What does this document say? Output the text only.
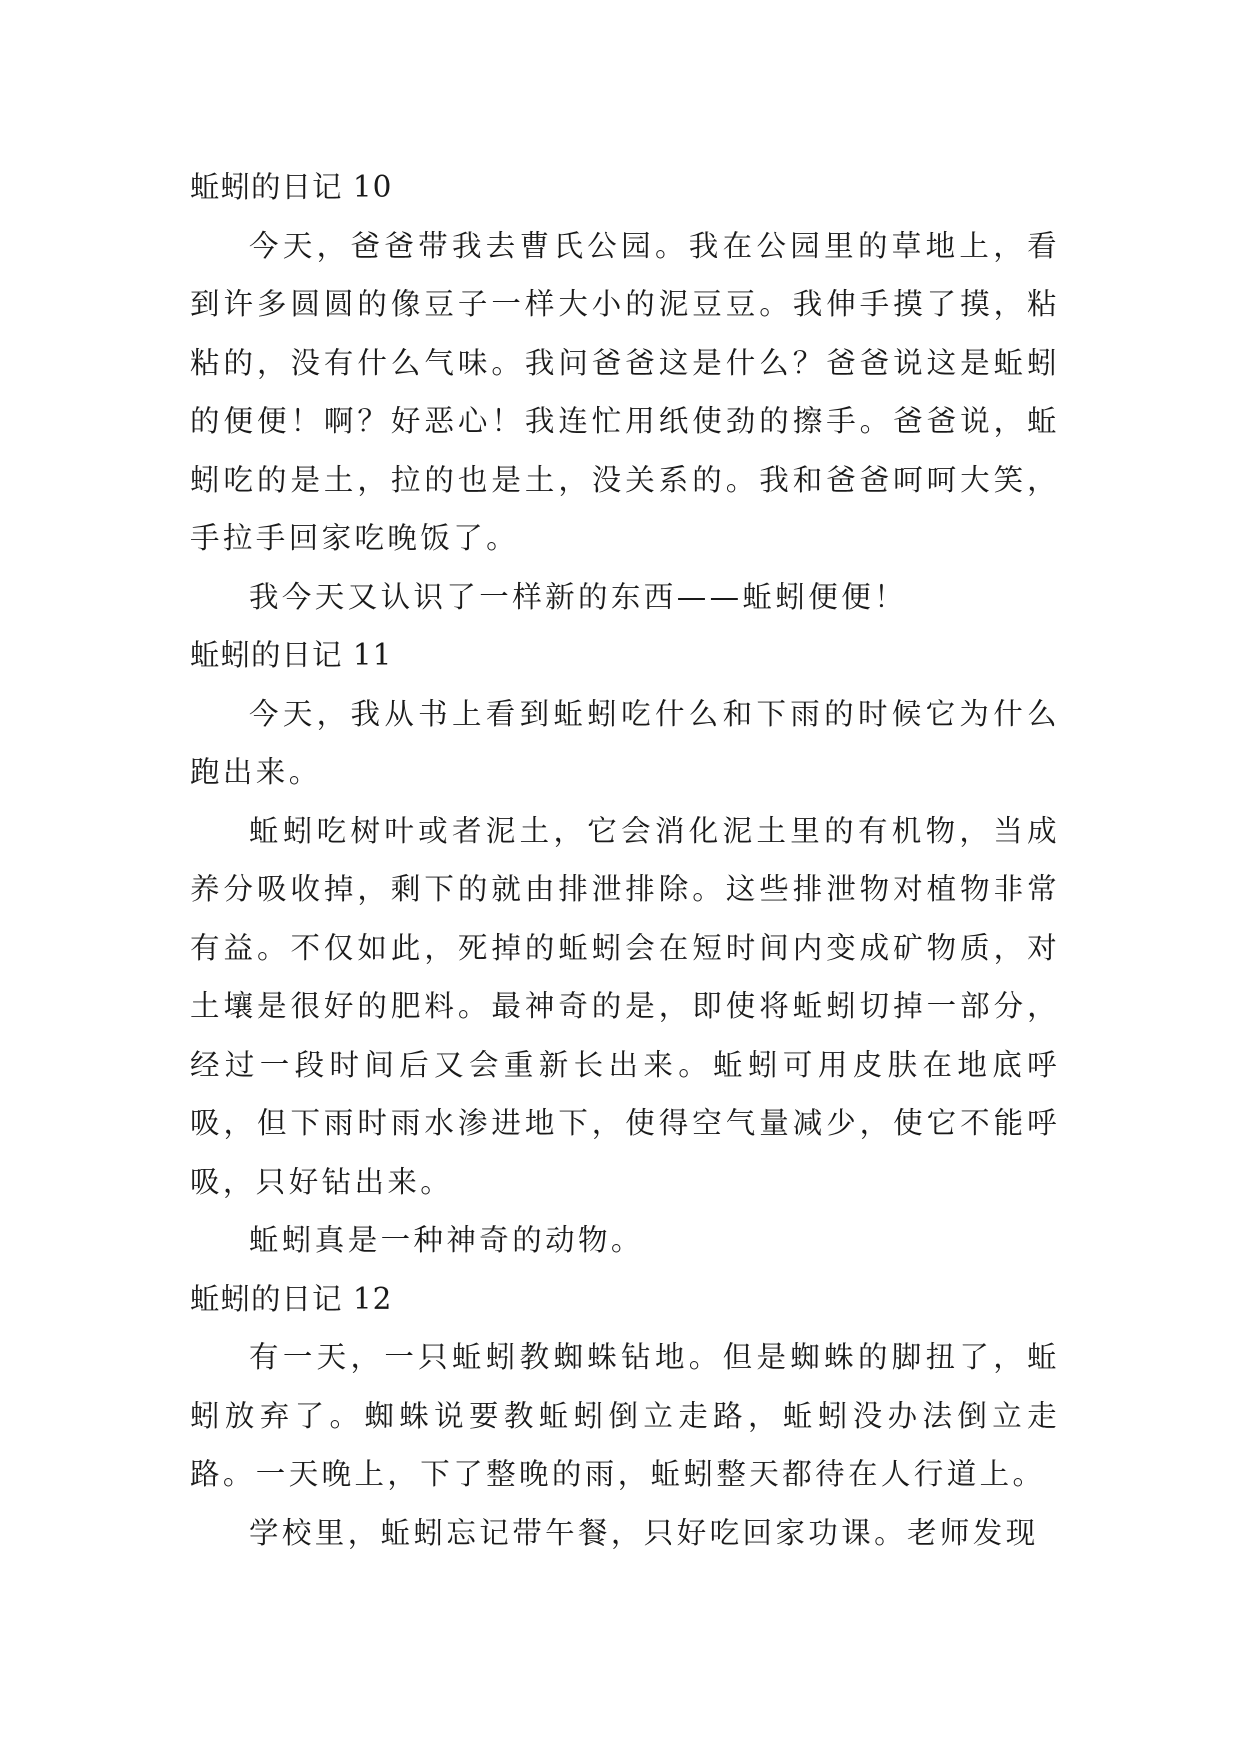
蚯蚓的日记 10

今天，爸爸带我去曹氏公园。我在公园里的草地上，看到许多圆圆的像豆子一样大小的泥豆豆。我伸手摸了摸，粘粘的，没有什么气味。我问爸爸这是什么？爸爸说这是蚯蚓的便便！啊？好恶心！我连忙用纸使劲的擦手。爸爸说，蚯蚓吃的是土，拉的也是土，没关系的。我和爸爸呵呵大笑，手拉手回家吃晚饭了。

我今天又认识了一样新的东西——蚯蚓便便！

蚯蚓的日记 11

今天，我从书上看到蚯蚓吃什么和下雨的时候它为什么跑出来。

蚯蚓吃树叶或者泥土，它会消化泥土里的有机物，当成养分吸收掉，剩下的就由排泄排除。这些排泄物对植物非常有益。不仅如此，死掉的蚯蚓会在短时间内变成矿物质，对土壤是很好的肥料。最神奇的是，即使将蚯蚓切掉一部分，经过一段时间后又会重新长出来。蚯蚓可用皮肤在地底呼吸，但下雨时雨水渗进地下，使得空气量减少，使它不能呼吸，只好钻出来。

蚯蚓真是一种神奇的动物。

蚯蚓的日记 12

有一天，一只蚯蚓教蜘蛛钻地。但是蜘蛛的脚扭了，蚯蚓放弃了。蜘蛛说要教蚯蚓倒立走路，蚯蚓没办法倒立走路。一天晚上，下了整晚的雨，蚯蚓整天都待在人行道上。

学校里，蚯蚓忘记带午餐，只好吃回家功课。老师发现
